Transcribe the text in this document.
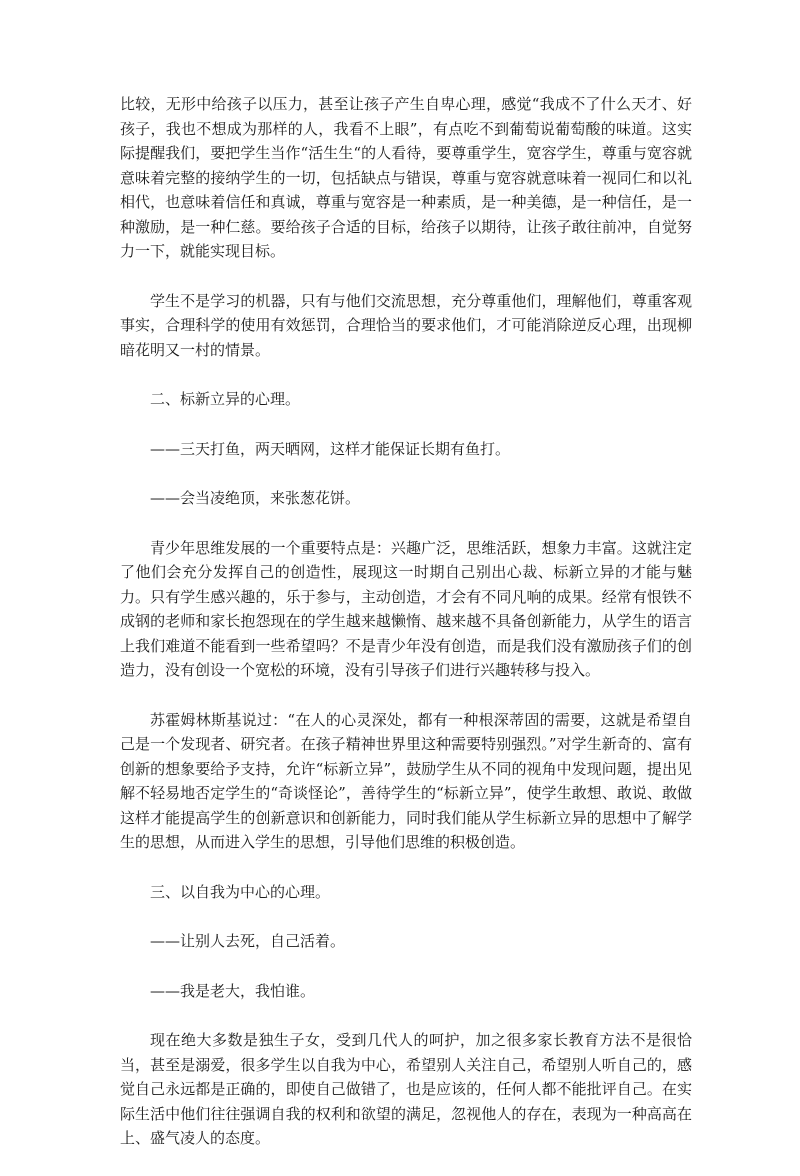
比较，无形中给孩子以压力，甚至让孩子产生自卑心理，感觉“我成不了什么天才、好孩子，我也不想成为那样的人，我看不上眼”，有点吃不到葡萄说葡萄酸的味道。这实际提醒我们，要把学生当作“活生生“的人看待，要尊重学生，宽容学生，尊重与宽容就意味着完整的接纳学生的一切，包括缺点与错误，尊重与宽容就意味着一视同仁和以礼相代，也意味着信任和真诚，尊重与宽容是一种素质，是一种美德，是一种信任，是一种激励，是一种仁慈。要给孩子合适的目标，给孩子以期待，让孩子敢往前冲，自觉努力一下，就能实现目标。

学生不是学习的机器，只有与他们交流思想，充分尊重他们，理解他们，尊重客观事实，合理科学的使用有效惩罚，合理恰当的要求他们，才可能消除逆反心理，出现柳暗花明又一村的情景。

二、标新立异的心理。

——三天打鱼，两天晒网，这样才能保证长期有鱼打。

——会当凌绝顶，来张葱花饼。

青少年思维发展的一个重要特点是：兴趣广泛，思维活跃，想象力丰富。这就注定了他们会充分发挥自己的创造性，展现这一时期自己别出心裁、标新立异的才能与魅力。只有学生感兴趣的，乐于参与，主动创造，才会有不同凡响的成果。经常有恨铁不成钢的老师和家长抱怨现在的学生越来越懒惰、越来越不具备创新能力，从学生的语言上我们难道不能看到一些希望吗？不是青少年没有创造，而是我们没有激励孩子们的创造力，没有创设一个宽松的环境，没有引导孩子们进行兴趣转移与投入。

苏霍姆林斯基说过：“在人的心灵深处，都有一种根深蒂固的需要，这就是希望自己是一个发现者、研究者。在孩子精神世界里这种需要特别强烈。”对学生新奇的、富有创新的想象要给予支持，允许“标新立异”，鼓励学生从不同的视角中发现问题，提出见解不轻易地否定学生的“奇谈怪论”，善待学生的“标新立异”，使学生敢想、敢说、敢做这样才能提高学生的创新意识和创新能力，同时我们能从学生标新立异的思想中了解学生的思想，从而进入学生的思想，引导他们思维的积极创造。

三、以自我为中心的心理。

——让别人去死，自己活着。

——我是老大，我怕谁。

现在绝大多数是独生子女，受到几代人的呵护，加之很多家长教育方法不是很恰当，甚至是溺爱，很多学生以自我为中心，希望别人关注自己，希望别人听自己的，感觉自己永远都是正确的，即使自己做错了，也是应该的，任何人都不能批评自己。在实际生活中他们往往强调自我的权利和欲望的满足，忽视他人的存在，表现为一种高高在上、盛气凌人的态度。
